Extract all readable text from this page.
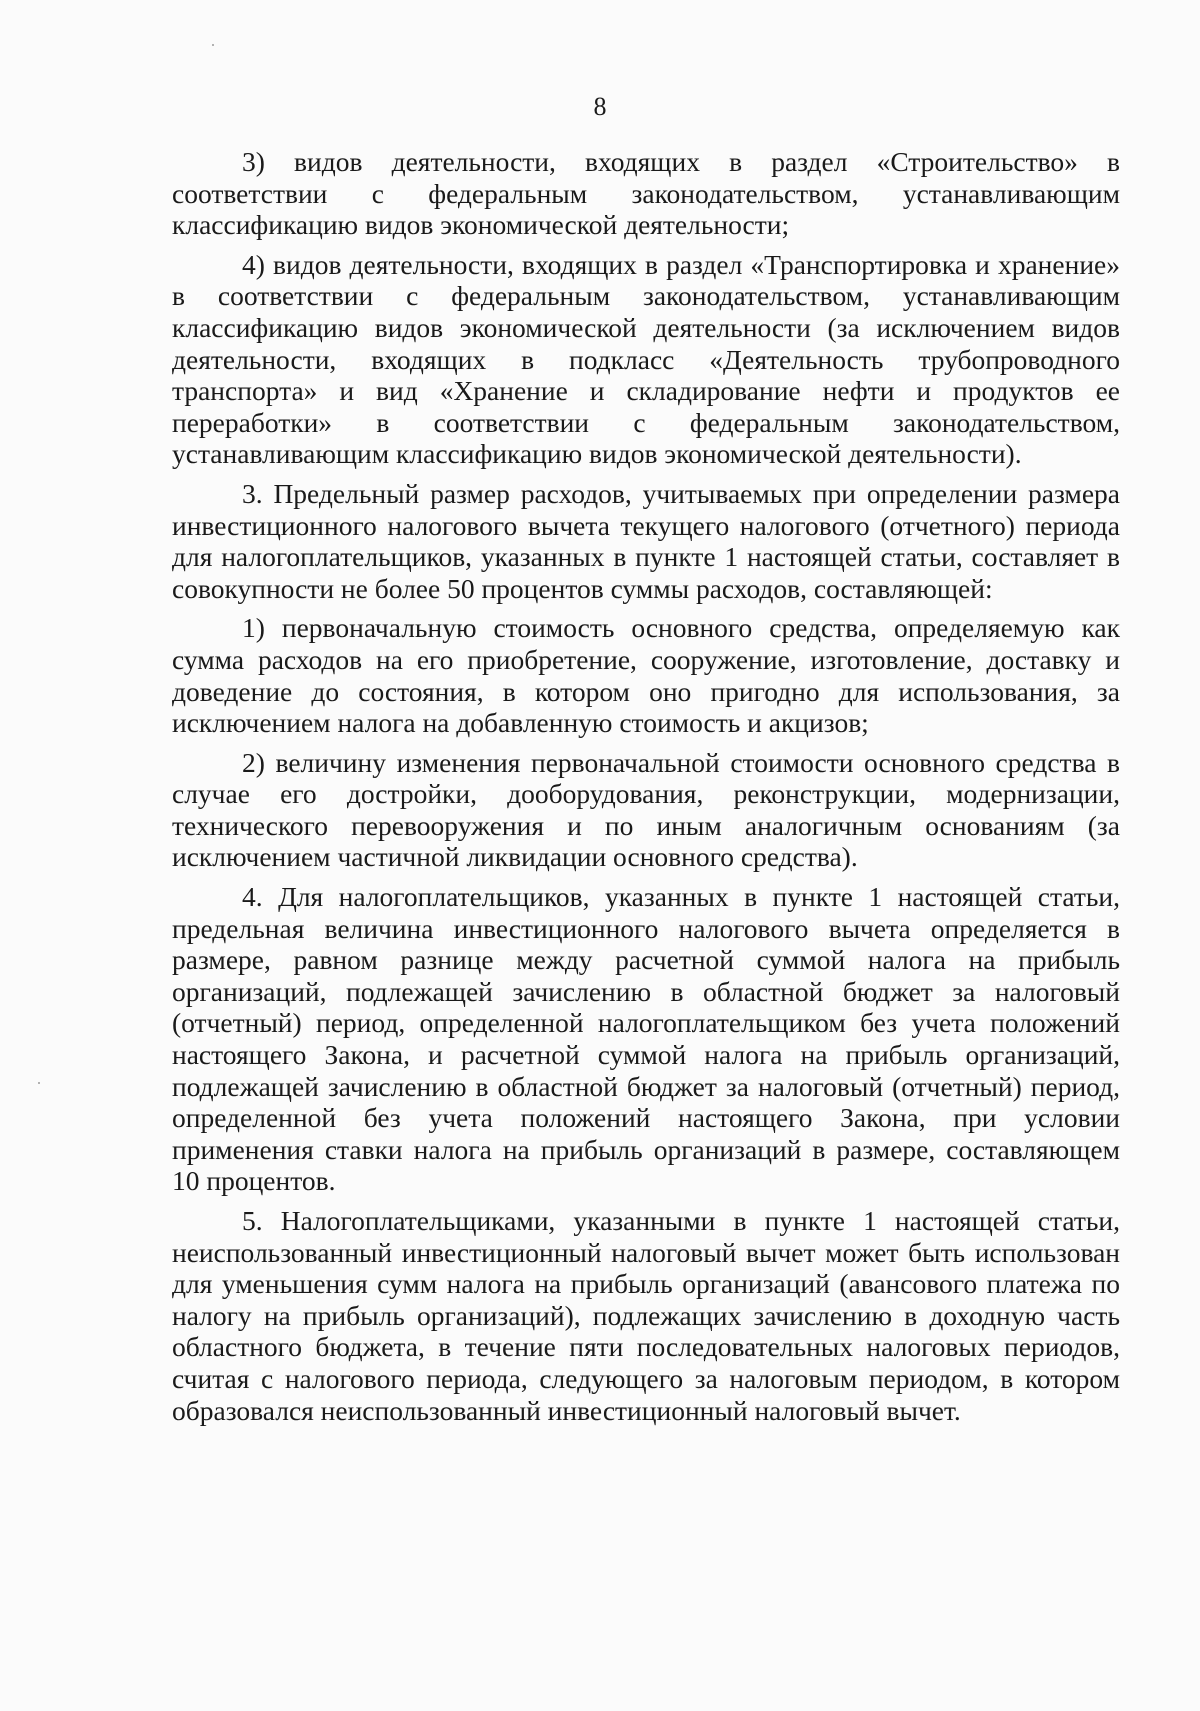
8

3) видов деятельности, входящих в раздел «Строительство» в соответствии с федеральным законодательством, устанавливающим классификацию видов экономической деятельности;

4) видов деятельности, входящих в раздел «Транспортировка и хранение» в соответствии с федеральным законодательством, устанавливающим классификацию видов экономической деятельности (за исключением видов деятельности, входящих в подкласс «Деятельность трубопроводного транспорта» и вид «Хранение и складирование нефти и продуктов ее переработки» в соответствии с федеральным законодательством, устанавливающим классификацию видов экономической деятельности).

3. Предельный размер расходов, учитываемых при определении размера инвестиционного налогового вычета текущего налогового (отчетного) периода для налогоплательщиков, указанных в пункте 1 настоящей статьи, составляет в совокупности не более 50 процентов суммы расходов, составляющей:

1) первоначальную стоимость основного средства, определяемую как сумма расходов на его приобретение, сооружение, изготовление, доставку и доведение до состояния, в котором оно пригодно для использования, за исключением налога на добавленную стоимость и акцизов;

2) величину изменения первоначальной стоимости основного средства в случае его достройки, дооборудования, реконструкции, модернизации, технического перевооружения и по иным аналогичным основаниям (за исключением частичной ликвидации основного средства).

4. Для налогоплательщиков, указанных в пункте 1 настоящей статьи, предельная величина инвестиционного налогового вычета определяется в размере, равном разнице между расчетной суммой налога на прибыль организаций, подлежащей зачислению в областной бюджет за налоговый (отчетный) период, определенной налогоплательщиком без учета положений настоящего Закона, и расчетной суммой налога на прибыль организаций, подлежащей зачислению в областной бюджет за налоговый (отчетный) период, определенной без учета положений настоящего Закона, при условии применения ставки налога на прибыль организаций в размере, составляющем 10 процентов.

5. Налогоплательщиками, указанными в пункте 1 настоящей статьи, неиспользованный инвестиционный налоговый вычет может быть использован для уменьшения сумм налога на прибыль организаций (авансового платежа по налогу на прибыль организаций), подлежащих зачислению в доходную часть областного бюджета, в течение пяти последовательных налоговых периодов, считая с налогового периода, следующего за налоговым периодом, в котором образовался неиспользованный инвестиционный налоговый вычет.
